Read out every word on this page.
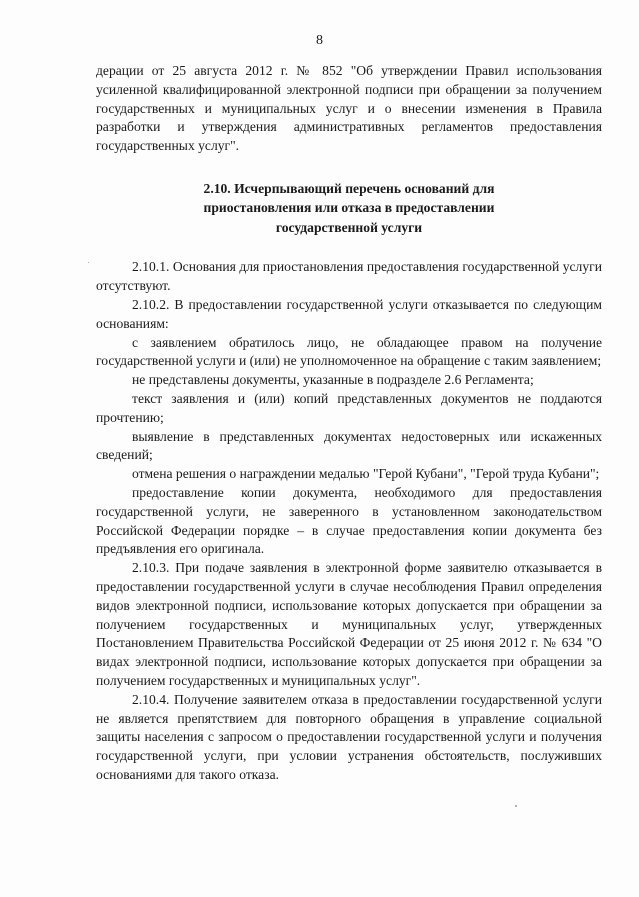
8

дерации от 25 августа 2012 г. № 852 "Об утверждении Правил использования усиленной квалифицированной электронной подписи при обращении за получением государственных и муниципальных услуг и о внесении изменения в Правила разработки и утверждения административных регламентов предоставления государственных услуг".

2.10. Исчерпывающий перечень оснований для
приостановления или отказа в предоставлении
государственной услуги

2.10.1. Основания для приостановления предоставления государственной услуги отсутствуют.

2.10.2. В предоставлении государственной услуги отказывается по следующим основаниям:

с заявлением обратилось лицо, не обладающее правом на получение государственной услуги и (или) не уполномоченное на обращение с таким заявлением;

не представлены документы, указанные в подразделе 2.6 Регламента;

текст заявления и (или) копий представленных документов не поддаются прочтению;

выявление в представленных документах недостоверных или искаженных сведений;

отмена решения о награждении медалью "Герой Кубани", "Герой труда Кубани";

предоставление копии документа, необходимого для предоставления государственной услуги, не заверенного в установленном законодательством Российской Федерации порядке – в случае предоставления копии документа без предъявления его оригинала.

2.10.3. При подаче заявления в электронной форме заявителю отказывается в предоставлении государственной услуги в случае несоблюдения Правил определения видов электронной подписи, использование которых допускается при обращении за получением государственных и муниципальных услуг, утвержденных Постановлением Правительства Российской Федерации от 25 июня 2012 г. № 634 "О видах электронной подписи, использование которых допускается при обращении за получением государственных и муниципальных услуг".

2.10.4. Получение заявителем отказа в предоставлении государственной услуги не является препятствием для повторного обращения в управление социальной защиты населения с запросом о предоставлении государственной услуги и получения государственной услуги, при условии устранения обстоятельств, послуживших основаниями для такого отказа.
